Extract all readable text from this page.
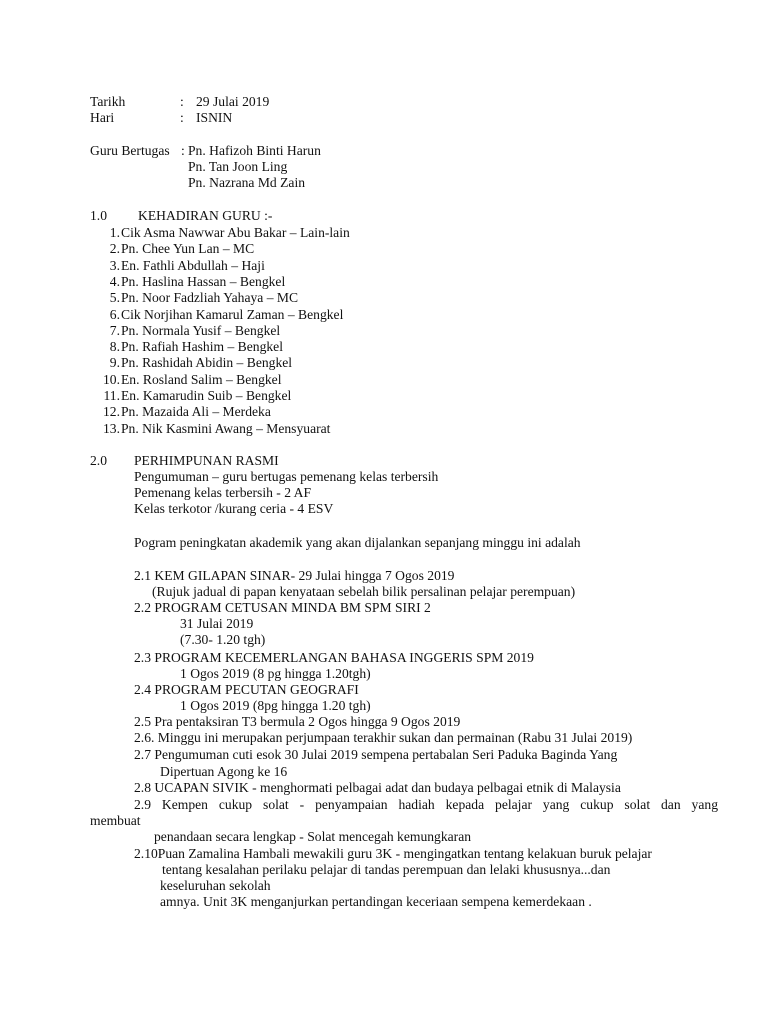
Tarikh	: 29 Julai 2019
Hari	: ISNIN
Guru Bertugas : Pn. Hafizoh Binti Harun
Pn. Tan Joon Ling
Pn. Nazrana Md Zain
1.0 KEHADIRAN GURU :-
1. Cik Asma Nawwar Abu Bakar – Lain-lain
2. Pn. Chee Yun Lan – MC
3. En. Fathli Abdullah – Haji
4. Pn. Haslina Hassan – Bengkel
5. Pn. Noor Fadzliah Yahaya – MC
6. Cik Norjihan Kamarul Zaman – Bengkel
7. Pn. Normala Yusif – Bengkel
8. Pn. Rafiah Hashim – Bengkel
9. Pn. Rashidah Abidin – Bengkel
10. En. Rosland Salim – Bengkel
11. En. Kamarudin Suib – Bengkel
12. Pn. Mazaida Ali – Merdeka
13. Pn. Nik Kasmini Awang – Mensyuarat
2.0 PERHIMPUNAN RASMI
Pengumuman – guru bertugas pemenang kelas terbersih
Pemenang kelas terbersih - 2 AF
Kelas terkotor /kurang ceria - 4 ESV
Pogram peningkatan akademik yang akan dijalankan sepanjang minggu ini adalah
2.1 KEM GILAPAN SINAR- 29 Julai hingga 7 Ogos 2019
(Rujuk jadual di papan kenyataan sebelah bilik persalinan pelajar perempuan)
2.2 PROGRAM CETUSAN MINDA BM SPM SIRI 2
31 Julai 2019
(7.30- 1.20 tgh)
2.3 PROGRAM KECEMERLANGAN BAHASA INGGERIS SPM 2019
1 Ogos 2019 (8 pg hingga 1.20tgh)
2.4 PROGRAM PECUTAN GEOGRAFI
1 Ogos 2019 (8pg hingga 1.20 tgh)
2.5 Pra pentaksiran T3 bermula 2 Ogos hingga 9 Ogos 2019
2.6. Minggu ini merupakan perjumpaan terakhir sukan dan permainan (Rabu 31 Julai 2019)
2.7 Pengumuman cuti esok 30 Julai 2019 sempena pertabalan Seri Paduka Baginda Yang
Dipertuan Agong ke 16
2.8 UCAPAN SIVIK - menghormati pelbagai adat dan budaya pelbagai etnik di Malaysia
2.9 Kempen cukup solat - penyampaian hadiah kepada pelajar yang cukup solat dan yang
membuat
penandaan secara lengkap - Solat mencegah kemungkaran
2.10Puan Zamalina Hambali mewakili guru 3K - mengingatkan tentang kelakuan buruk pelajar
tentang kesalahan perilaku pelajar di tandas perempuan dan lelaki khususnya...dan
keseluruhan sekolah
amnya. Unit 3K menganjurkan pertandingan keceriaan sempena kemerdekaan .
